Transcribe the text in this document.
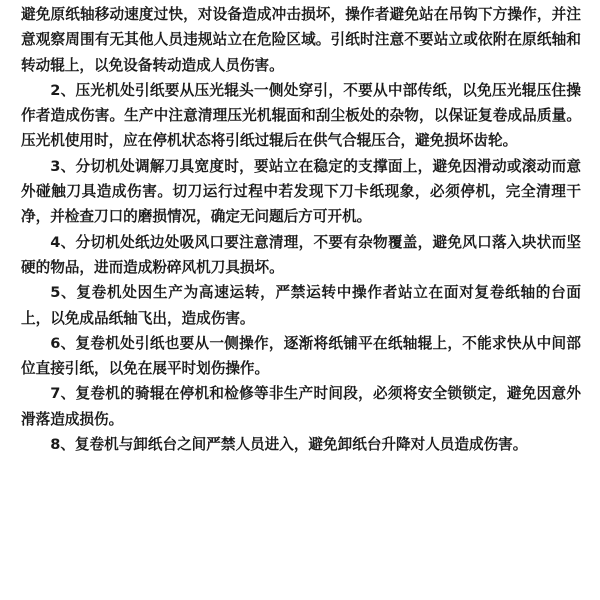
避免原纸轴移动速度过快，对设备造成冲击损坏，操作者避免站在吊钩下方操作，并注意观察周围有无其他人员违规站立在危险区域。引纸时注意不要站立或依附在原纸轴和转动辊上，以免设备转动造成人员伤害。

2、压光机处引纸要从压光辊头一侧处穿引，不要从中部传纸，以免压光辊压住操作者造成伤害。生产中注意清理压光机辊面和刮尘板处的杂物，以保证复卷成品质量。压光机使用时，应在停机状态将引纸过辊后在供气合辊压合，避免损坏齿轮。

3、分切机处调解刀具宽度时，要站立在稳定的支撑面上，避免因滑动或滚动而意外碰触刀具造成伤害。切刀运行过程中若发现下刀卡纸现象，必须停机，完全清理干净，并检查刀口的磨损情况，确定无问题后方可开机。

4、分切机处纸边处吸风口要注意清理，不要有杂物覆盖，避免风口落入块状而坚硬的物品，进而造成粉碎风机刀具损坏。

5、复卷机处因生产为高速运转，严禁运转中操作者站立在面对复卷纸轴的台面上，以免成品纸轴飞出，造成伤害。

6、复卷机处引纸也要从一侧操作，逐渐将纸铺平在纸轴辊上，不能求快从中间部位直接引纸，以免在展平时划伤操作。

7、复卷机的骑辊在停机和检修等非生产时间段，必须将安全锁锁定，避免因意外滑落造成损伤。

8、复卷机与卸纸台之间严禁人员进入，避免卸纸台升降对人员造成伤害。
